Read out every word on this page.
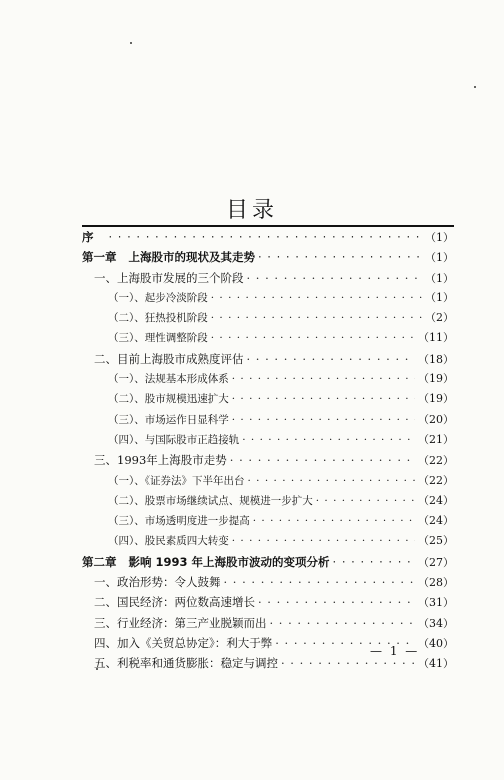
目录
序 · · ·	（1）
第一章 上海股市的现状及其走势 · · ·	（1）
一、上海股市发展的三个阶段 · · ·	（1）
（一）、起步冷淡阶段 · · ·	（1）
（二）、狂热投机阶段 · · ·	（2）
（三）、理性调整阶段 · · ·	（11）
二、目前上海股市成熟度评估 · · ·	（18）
（一）、法规基本形成体系 · · ·	（19）
（二）、股市规模迅速扩大 · · ·	（19）
（三）、市场运作日显科学 · · ·	（20）
（四）、与国际股市正趋接轨 · · ·	（21）
三、1993年上海股市走势 · · ·	（22）
（一）、《证券法》下半年出台 · · ·	（22）
（二）、股票市场继续试点、规模进一步扩大 · · ·	（24）
（三）、市场透明度进一步提高 · · ·	（24）
（四）、股民素质四大转变 · · ·	（25）
第二章 影响 1993 年上海股市波动的变项分析 · · ·	（27）
一、政治形势：令人鼓舞 · · ·	（28）
二、国民经济：两位数高速增长 · · ·	（31）
三、行业经济：第三产业脱颖而出 · · ·	（34）
四、加入《关贸总协定》：利大于弊 · · ·	（40）
五、利税率和通货膨胀：稳定与调控 · · ·	（41）
— 1 —
